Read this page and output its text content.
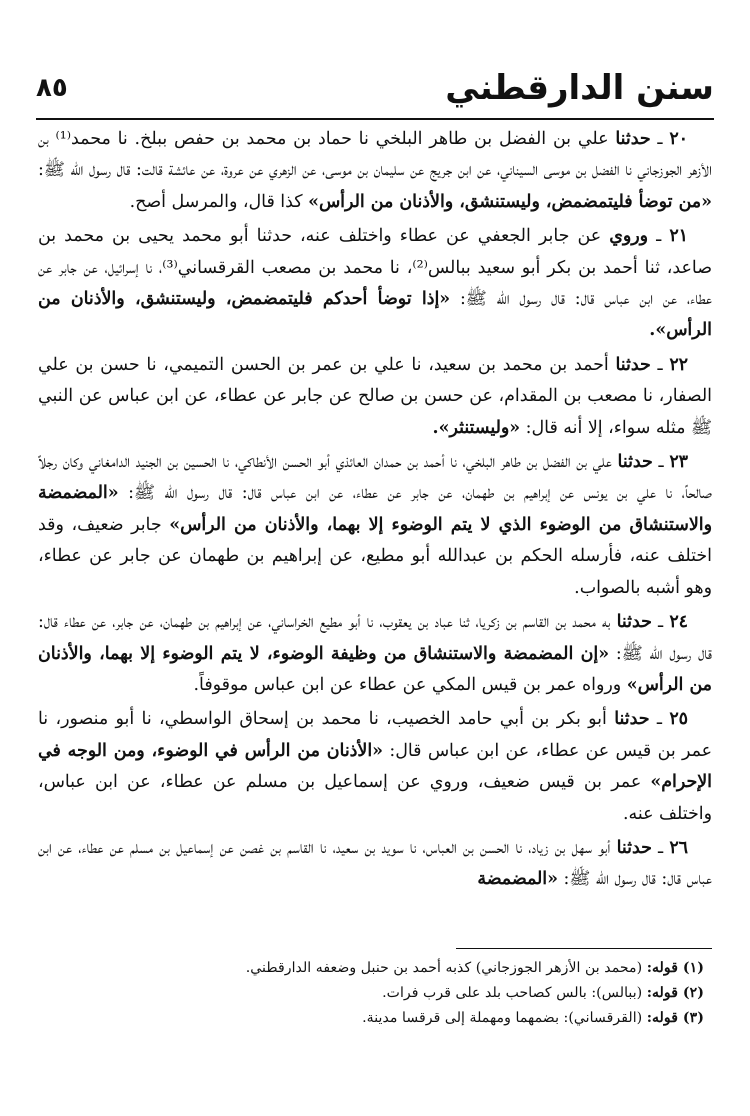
سنن الدارقطني
٨٥

٢٠ ـ حدثنا علي بن الفضل بن طاهر البلخي نا حماد بن محمد بن حفص ببلخ. نا محمد⁽¹⁾ بن الأزهر الجوزجاني نا الفضل بن موسى السيناني، عن ابن جريج عن سليمان بن موسى، عن الزهري عن عروة، عن عائشة قالت: قال رسول الله ﷺ: «من توضأ فليتمضمض، وليستنشق، والأذنان من الرأس» كذا قال، والمرسل أصح.

٢١ ـ وروي عن جابر الجعفي عن عطاء واختلف عنه، حدثنا أبو محمد يحيى بن محمد بن صاعد، ثنا أحمد بن بكر أبو سعيد ببالس⁽²⁾، نا محمد بن مصعب القرقساني⁽³⁾، نا إسرائيل، عن جابر عن عطاء، عن ابن عباس قال: قال رسول الله ﷺ: «إذا توضأ أحدكم فليتمضمض، وليستنشق، والأذنان من الرأس».

٢٢ ـ حدثنا أحمد بن محمد بن سعيد، نا علي بن عمر بن الحسن التميمي، نا حسن بن علي الصفار، نا مصعب بن المقدام، عن حسن بن صالح عن جابر عن عطاء، عن ابن عباس عن النبي ﷺ مثله سواء، إلا أنه قال: «وليستنثر».

٢٣ ـ حدثنا علي بن الفضل بن طاهر البلخي، نا أحمد بن حمدان العائذي أبو الحسن الأنطاكي، نا الحسين بن الجنيد الدامغاني وكان رجلاً صالحاً، نا علي بن يونس عن إبراهيم بن طهمان، عن جابر عن عطاء، عن ابن عباس قال: قال رسول الله ﷺ: «المضمضة والاستنشاق من الوضوء الذي لا يتم الوضوء إلا بهما، والأذنان من الرأس» جابر ضعيف، وقد اختلف عنه، فأرسله الحكم بن عبدالله أبو مطيع، عن إبراهيم بن طهمان عن جابر عن عطاء، وهو أشبه بالصواب.

٢٤ ـ حدثنا به محمد بن القاسم بن زكريا، ثنا عباد بن يعقوب، نا أبو مطيع الخراساني، عن إبراهيم بن طهمان، عن جابر، عن عطاء قال: قال رسول الله ﷺ: «إن المضمضة والاستنشاق من وظيفة الوضوء، لا يتم الوضوء إلا بهما، والأذنان من الرأس» ورواه عمر بن قيس المكي عن عطاء عن ابن عباس موقوفاً.

٢٥ ـ حدثنا أبو بكر بن أبي حامد الخصيب، نا محمد بن إسحاق الواسطي، نا أبو منصور، نا عمر بن قيس عن عطاء، عن ابن عباس قال: «الأذنان من الرأس في الوضوء، ومن الوجه في الإحرام» عمر بن قيس ضعيف، وروي عن إسماعيل بن مسلم عن عطاء، عن ابن عباس، واختلف عنه.

٢٦ ـ حدثنا أبو سهل بن زياد، نا الحسن بن العباس، نا سويد بن سعيد، نا القاسم بن غصن عن إسماعيل بن مسلم عن عطاء، عن ابن عباس قال: قال رسول الله ﷺ: «المضمضة

(١) قوله: (محمد بن الأزهر الجوزجاني) كذبه أحمد بن حنبل وضعفه الدارقطني.

(٢) قوله: (ببالس): بالس كصاحب بلد على قرب فرات.

(٣) قوله: (القرقساني): بضمهما ومهملة إلى قرقسا مدينة.
